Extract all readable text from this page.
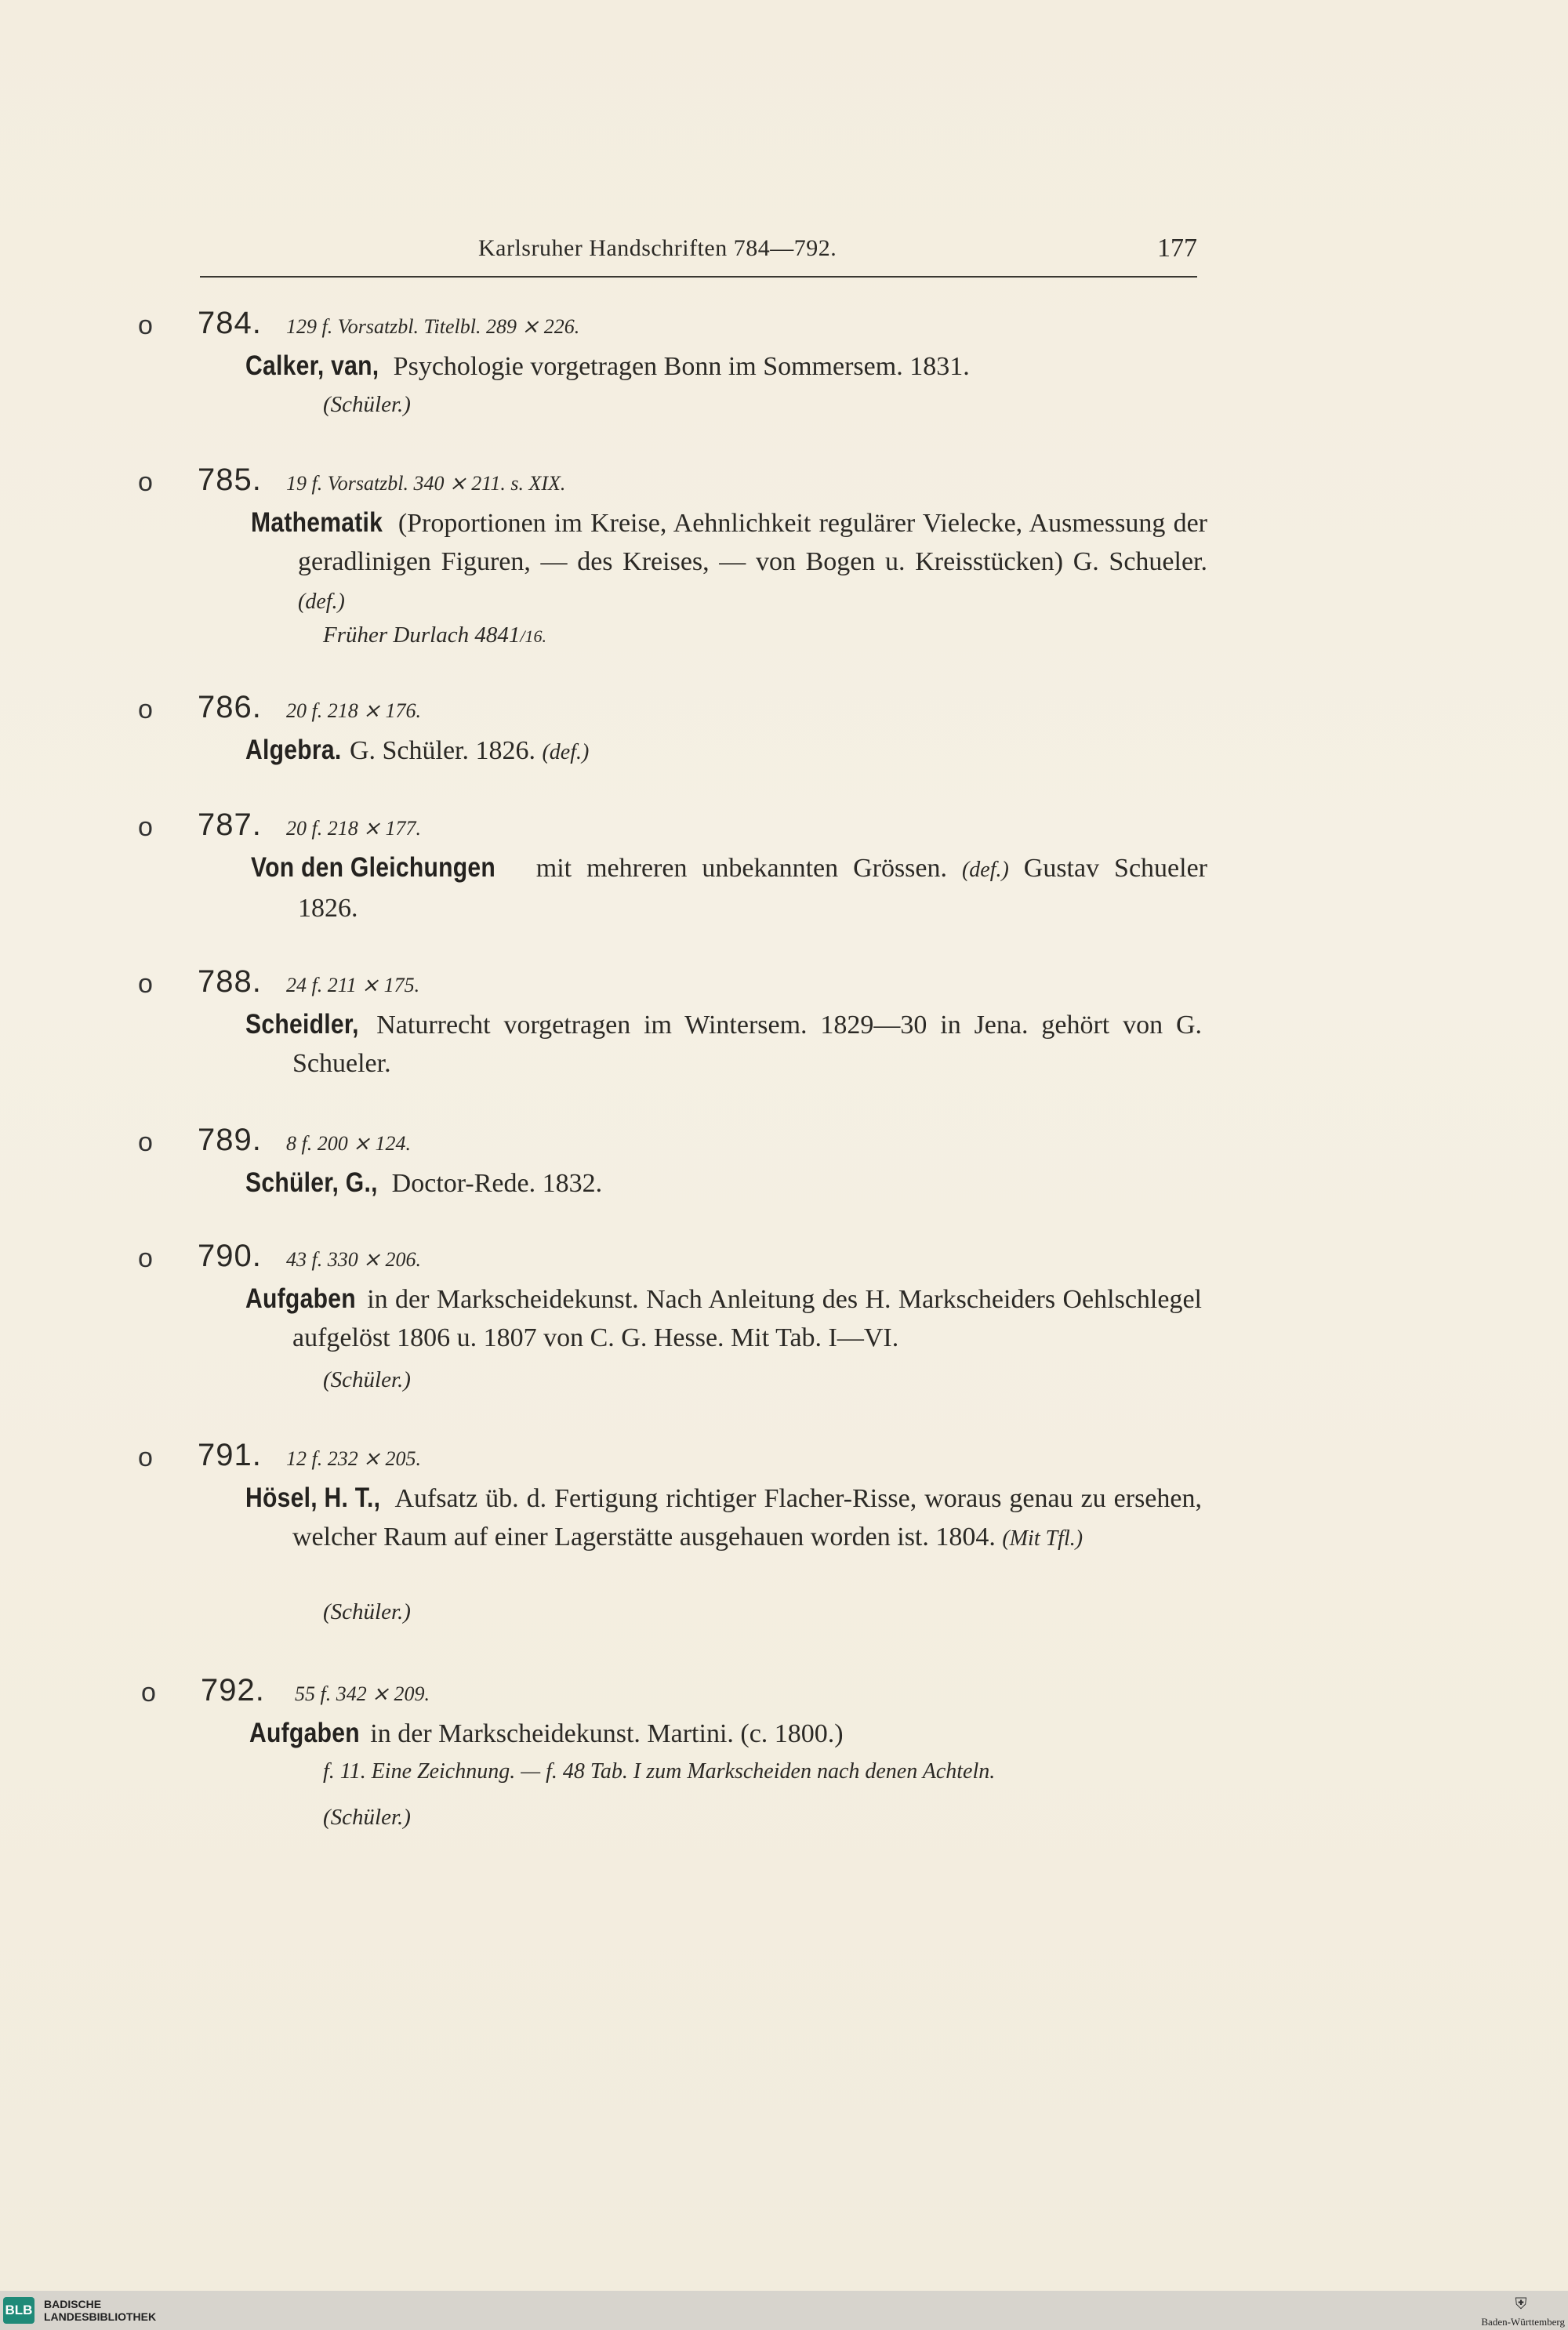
Karlsruher Handschriften 784—792.	177
o 784. 129 f. Vorsatzbl. Titelbl. 289 ⨯ 226.
Calker, van, Psychologie vorgetragen Bonn im Sommersem. 1831.
(Schüler.)
o 785. 19 f. Vorsatzbl. 340 ⨯ 211. s. XIX.
Mathematik (Proportionen im Kreise, Aehnlichkeit regulärer Vielecke, Ausmessung der geradlinigen Figuren, — des Kreises, — von Bogen u. Kreisstücken) G. Schueler. (def.)
Früher Durlach 4841/16.
o 786. 20 f. 218 ⨯ 176.
Algebra. G. Schüler. 1826. (def.)
o 787. 20 f. 218 ⨯ 177.
Von den Gleichungen mit mehreren unbekannten Grössen. (def.) Gustav Schueler 1826.
o 788. 24 f. 211 ⨯ 175.
Scheidler, Naturrecht vorgetragen im Wintersem. 1829—30 in Jena. gehört von G. Schueler.
o 789. 8 f. 200 ⨯ 124.
Schüler, G., Doctor-Rede. 1832.
o 790. 43 f. 330 ⨯ 206.
Aufgaben in der Markscheidekunst. Nach Anleitung des H. Markscheiders Oehlschlegel aufgelöst 1806 u. 1807 von C. G. Hesse. Mit Tab. I—VI.
(Schüler.)
o 791. 12 f. 232 ⨯ 205.
Hösel, H. T., Aufsatz üb. d. Fertigung richtiger Flacher-Risse, woraus genau zu ersehen, welcher Raum auf einer Lagerstätte ausgehauen worden ist. 1804. (Mit Tfl.)
(Schüler.)
o 792. 55 f. 342 ⨯ 209.
Aufgaben in der Markscheidekunst. Martini. (c. 1800.)
f. 11. Eine Zeichnung. — f. 48 Tab. I zum Markscheiden nach denen Achteln.
(Schüler.)
BLB BADISCHE
LANDESBIBLIOTHEK
⛨
Baden-Württemberg
